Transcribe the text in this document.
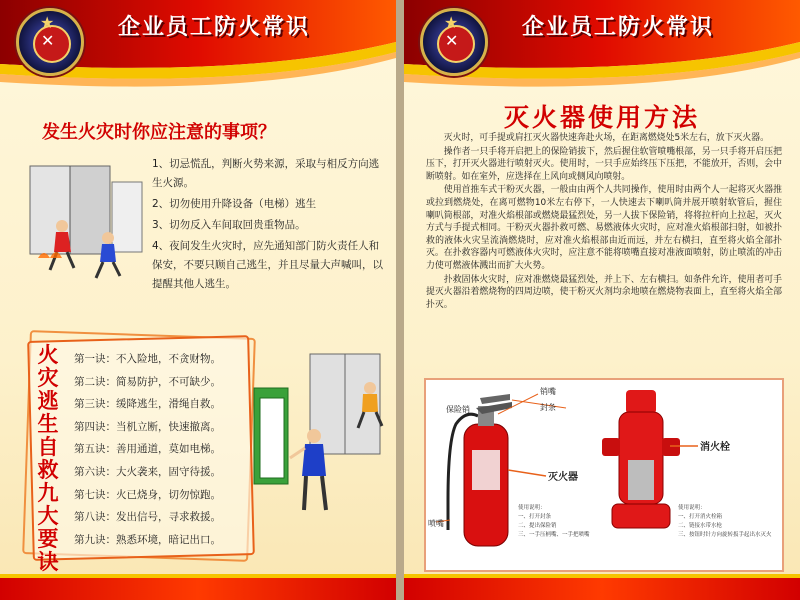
★
✕
企业员工防火常识
发生火灾时你应注意的事项？
1、切忌慌乱，判断火势来源，采取与相反方向逃生火源。
2、切勿使用升降设备（电梯）逃生
3、切勿反入车间取回贵重物品。
4、夜间发生火灾时，应先通知部门防火责任人和保安，不要只顾自己逃生，并且尽量大声喊叫，以提醒其他人逃生。
火灾逃生自救九大要诀
第一诀：不入险地，不贪财物。
第二诀：简易防护，不可缺少。
第三诀：缓降逃生，滑绳自救。
第四诀：当机立断，快速撤离。
第五诀：善用通道，莫如电梯。
第六诀：大火袭来，固守待援。
第七诀：火已烧身，切勿惊跑。
第八诀：发出信号，寻求救援。
第九诀：熟悉环境，暗记出口。
★
✕
企业员工防火常识
灭火器使用方法

灭火时，可手提或肩扛灭火器快速奔赴火场，在距离燃烧处5米左右，放下灭火器。

操作者一只手将开启把上的保险销拔下，然后握住软管喷嘴根部，另一只手将开启压把压下，打开灭火器进行喷射灭火。使用时，一只手应始终压下压把，不能放开，否则，会中断喷射。如在室外，应选择在上风向或侧风向喷射。

使用首推车式干粉灭火器，一般由由两个人共同操作，使用时由两个人一起将灭火器推或拉到燃烧处，在离可燃物10米左右停下，一人快速去下喇叭筒并展开喷射软管后，握住喇叭筒根部，对准火焰根部或燃烧最猛烈处，另一人拔下保险销，将将拉杆向上拉起，灭火方式与手提式相同。干粉灭火器扑救可燃、易燃液体火灾时，应对准火焰根部扫射，如被扑救的液体火灾呈流淌燃烧时，应对准火焰根部由近而远，并左右横扫，直至将火焰全部扑灭。在扑救容器内可燃液体火灾时，应注意不能将喷嘴直接对准液面喷射，防止喷流的冲击力使可燃液体溅出而扩大火势。

扑救固体火灾时，应对准燃烧最猛烈处，并上下、左右横扫。如条件允许，使用者可手提灭火器沿着燃烧物的四周边喷，使干粉灭火剂均余地喷在燃烧物表面上，直至将火焰全部扑灭。

保险销
销嘴
封条
灭火器
喷嘴
消火栓
使用说明：
一、打开封条
二、提出保险销
三、一手压柄嘴、一手把喷嘴
使用说明：
一、打开消火栓箱
二、链接水带水枪
三、按钮时针方向旋转扳手起出水灭火
